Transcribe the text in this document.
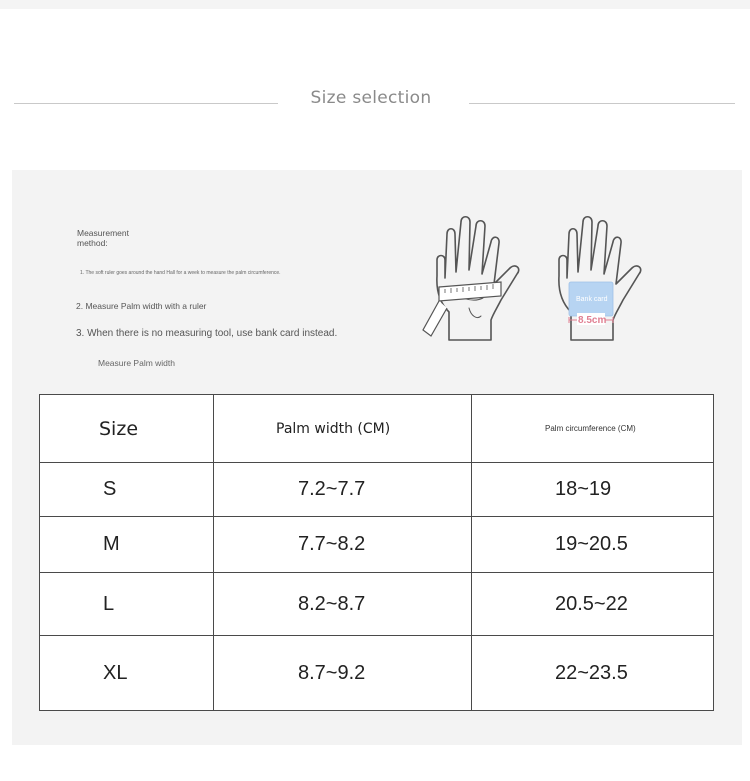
Size selection
Measurement method:
1. The soft ruler goes around the hand Hall for a week to measure the palm circumference.
2. Measure Palm width with a ruler
3. When there is no measuring tool, use bank card instead.
Measure Palm width
Bank card
8.5cm
Size	Palm width (CM)	Palm circumference (CM)

S	7.2~7.7	18~19
M	7.7~8.2	19~20.5
L	8.2~8.7	20.5~22
XL	8.7~9.2	22~23.5
